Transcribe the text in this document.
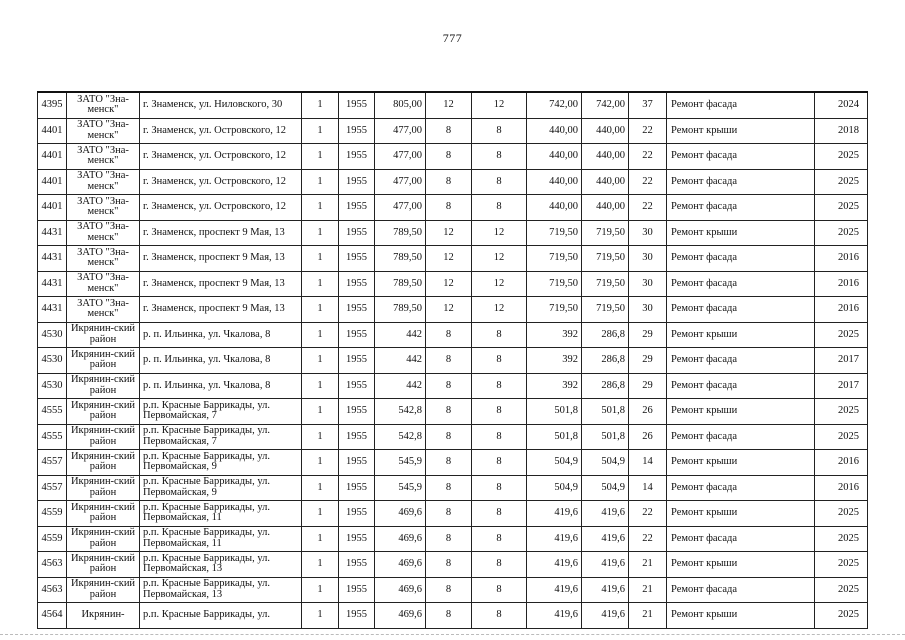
777
4395	ЗАТО "Зна-менск"	г. Знаменск, ул. Ниловского, 30	1	1955	805,00	12	12	742,00	742,00	37	Ремонт фасада	2024
4401	ЗАТО "Зна-менск"	г. Знаменск, ул. Островского, 12	1	1955	477,00	8	8	440,00	440,00	22	Ремонт крыши	2018
4401	ЗАТО "Зна-менск"	г. Знаменск, ул. Островского, 12	1	1955	477,00	8	8	440,00	440,00	22	Ремонт фасада	2025
4401	ЗАТО "Зна-менск"	г. Знаменск, ул. Островского, 12	1	1955	477,00	8	8	440,00	440,00	22	Ремонт фасада	2025
4401	ЗАТО "Зна-менск"	г. Знаменск, ул. Островского, 12	1	1955	477,00	8	8	440,00	440,00	22	Ремонт фасада	2025
4431	ЗАТО "Зна-менск"	г. Знаменск, проспект 9 Мая, 13	1	1955	789,50	12	12	719,50	719,50	30	Ремонт крыши	2025
4431	ЗАТО "Зна-менск"	г. Знаменск, проспект 9 Мая, 13	1	1955	789,50	12	12	719,50	719,50	30	Ремонт фасада	2016
4431	ЗАТО "Зна-менск"	г. Знаменск, проспект 9 Мая, 13	1	1955	789,50	12	12	719,50	719,50	30	Ремонт фасада	2016
4431	ЗАТО "Зна-менск"	г. Знаменск, проспект 9 Мая, 13	1	1955	789,50	12	12	719,50	719,50	30	Ремонт фасада	2016
4530	Икрянин-ский район	р. п. Ильинка, ул. Чкалова, 8	1	1955	442	8	8	392	286,8	29	Ремонт крыши	2025
4530	Икрянин-ский район	р. п. Ильинка, ул. Чкалова, 8	1	1955	442	8	8	392	286,8	29	Ремонт фасада	2017
4530	Икрянин-ский район	р. п. Ильинка, ул. Чкалова, 8	1	1955	442	8	8	392	286,8	29	Ремонт фасада	2017
4555	Икрянин-ский район	р.п. Красные Баррикады, ул. Первомайская, 7	1	1955	542,8	8	8	501,8	501,8	26	Ремонт крыши	2025
4555	Икрянин-ский район	р.п. Красные Баррикады, ул. Первомайская, 7	1	1955	542,8	8	8	501,8	501,8	26	Ремонт фасада	2025
4557	Икрянин-ский район	р.п. Красные Баррикады, ул. Первомайская, 9	1	1955	545,9	8	8	504,9	504,9	14	Ремонт крыши	2016
4557	Икрянин-ский район	р.п. Красные Баррикады, ул. Первомайская, 9	1	1955	545,9	8	8	504,9	504,9	14	Ремонт фасада	2016
4559	Икрянин-ский район	р.п. Красные Баррикады, ул. Первомайская, 11	1	1955	469,6	8	8	419,6	419,6	22	Ремонт крыши	2025
4559	Икрянин-ский район	р.п. Красные Баррикады, ул. Первомайская, 11	1	1955	469,6	8	8	419,6	419,6	22	Ремонт фасада	2025
4563	Икрянин-ский район	р.п. Красные Баррикады, ул. Первомайская, 13	1	1955	469,6	8	8	419,6	419,6	21	Ремонт крыши	2025
4563	Икрянин-ский район	р.п. Красные Баррикады, ул. Первомайская, 13	1	1955	469,6	8	8	419,6	419,6	21	Ремонт фасада	2025
4564	Икрянин-	р.п. Красные Баррикады, ул.	1	1955	469,6	8	8	419,6	419,6	21	Ремонт крыши	2025
